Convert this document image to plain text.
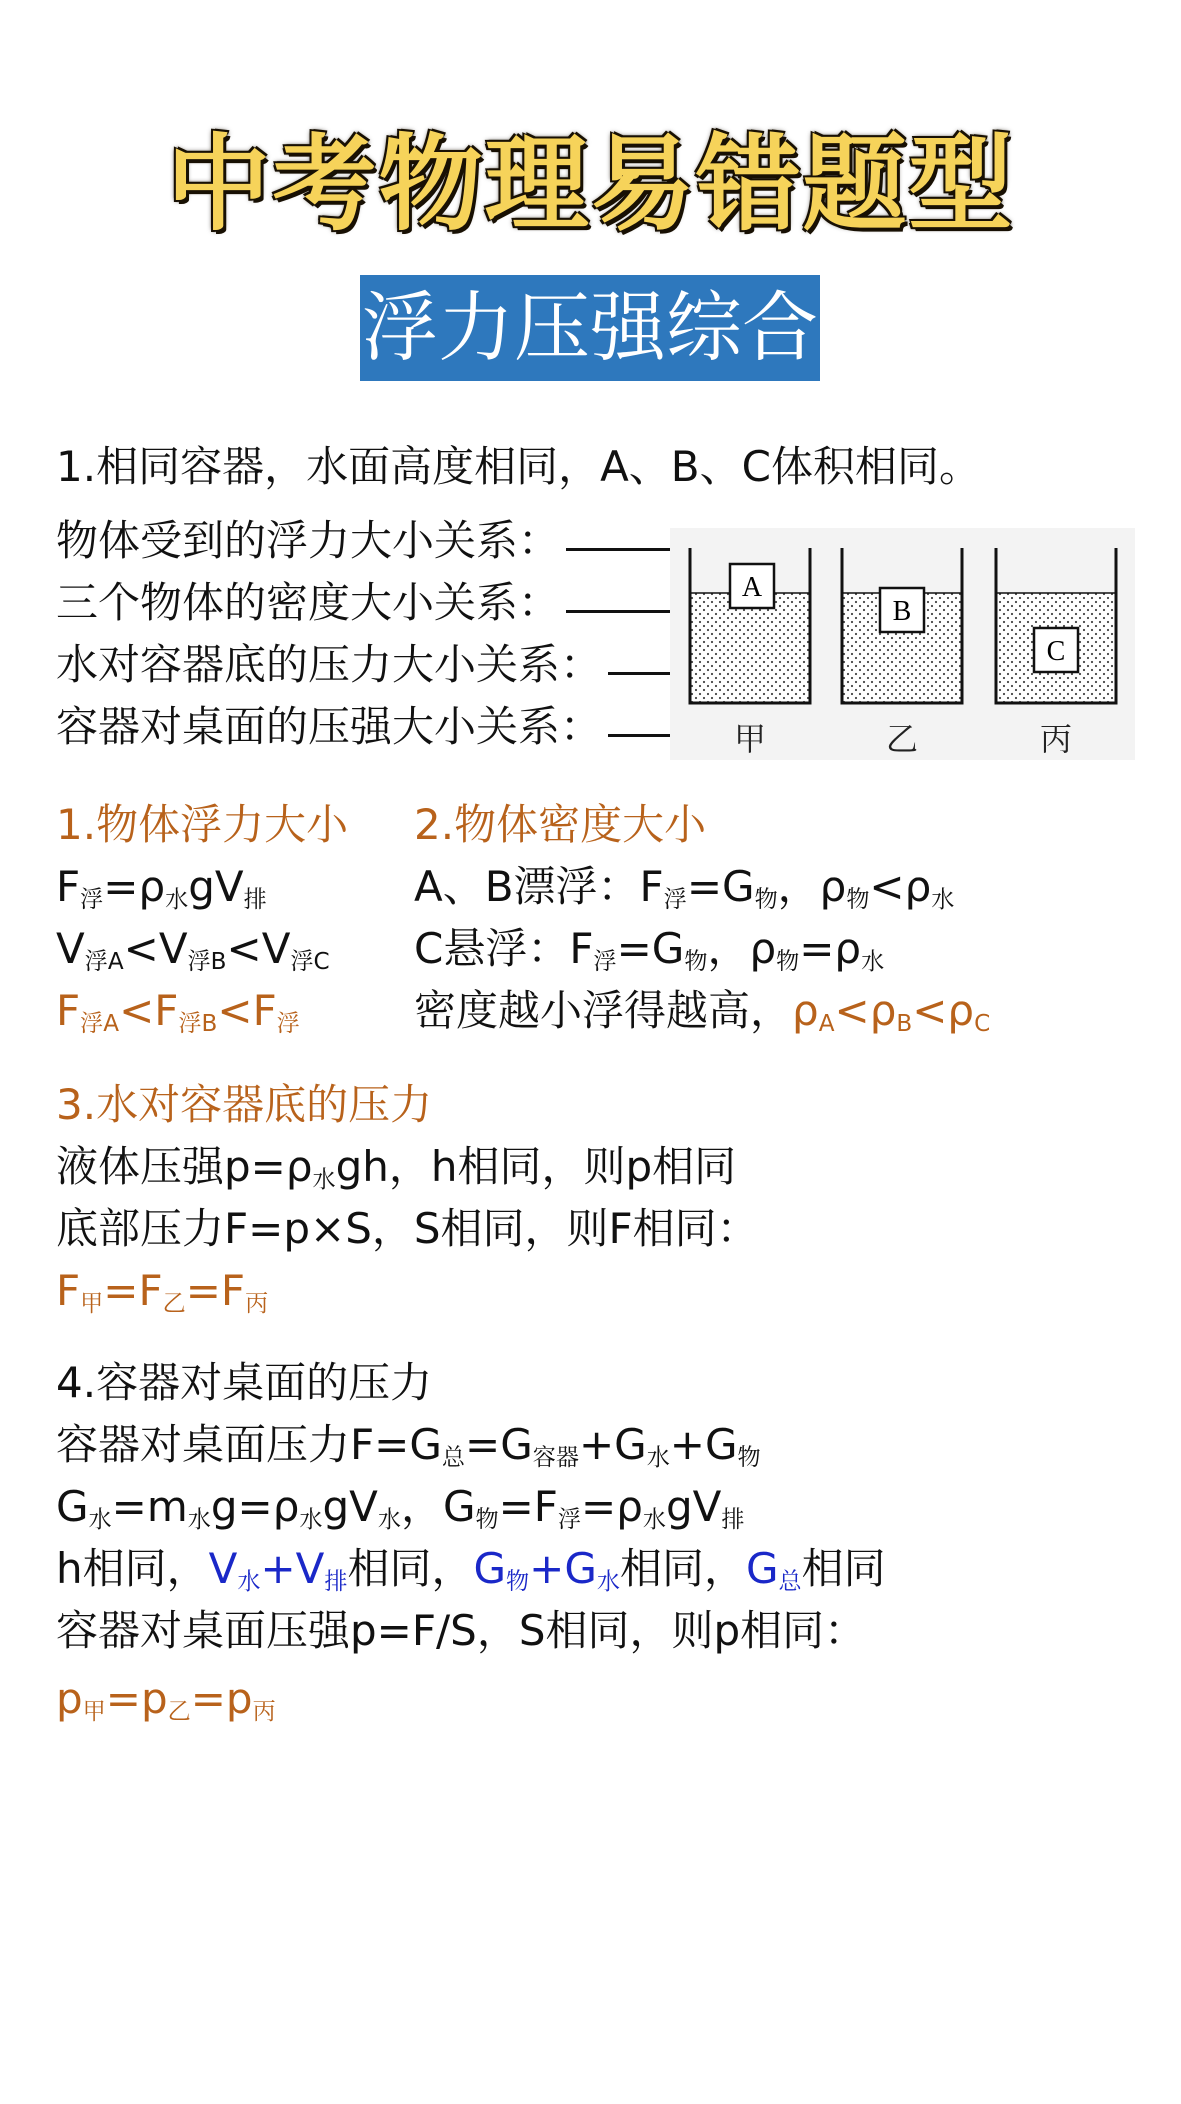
中考物理易错题型
浮力压强综合
1.相同容器，水面高度相同，A、B、C体积相同。
物体受到的浮力大小关系：
三个物体的密度大小关系：
水对容器底的压力大小关系：
容器对桌面的压强大小关系：
A
甲
B
乙
C
丙
1.物体浮力大小
$F_浮=\rho_水gV_排$
$V_{浮A}<V_{浮B}<V_{浮C}$
$F_{浮A}<F_{浮B}<F_浮$
2.物体密度大小
A、B漂浮：$F_浮=G_物$，$\rho_物<\rho_水$
C悬浮：$F_浮=G_物$，$\rho_物=\rho_水$
密度越小浮得越高，$\rho_A<\rho_B<\rho_C$
3.水对容器底的压力
液体压强$p=\rho_水gh$，h相同，则p相同
底部压力F=p×S，S相同，则F相同：
$F_甲=F_乙=F_丙$
4.容器对桌面的压力
容器对桌面压力$F=G_总=G_{容器}+G_水+G_物$
$G_水=m_水g=\rho_水gV_水$，$G_物=F_浮=\rho_水gV_排$
h相同，$V_水+V_排$相同，$G_物+G_水$相同，$G_总$相同
容器对桌面压强p=F/S，S相同，则p相同：
$p_甲=p_乙=p_丙$
